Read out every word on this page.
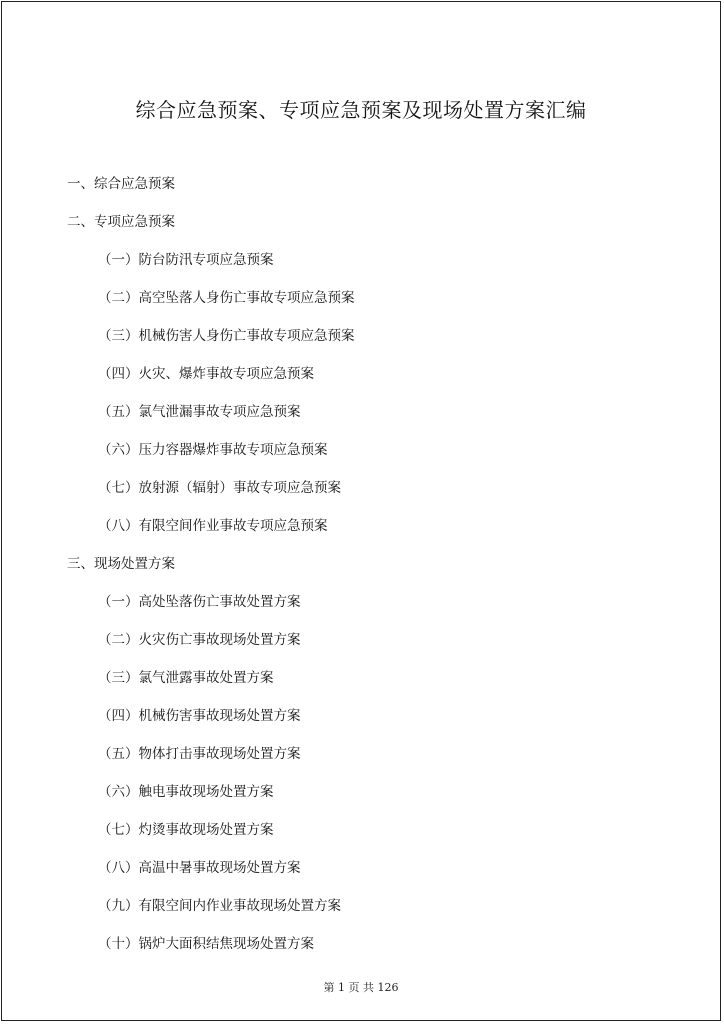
综合应急预案、专项应急预案及现场处置方案汇编
一、综合应急预案
二、专项应急预案
（一）防台防汛专项应急预案
（二）高空坠落人身伤亡事故专项应急预案
（三）机械伤害人身伤亡事故专项应急预案
（四）火灾、爆炸事故专项应急预案
（五）氯气泄漏事故专项应急预案
（六）压力容器爆炸事故专项应急预案
（七）放射源（辐射）事故专项应急预案
（八）有限空间作业事故专项应急预案
三、现场处置方案
（一）高处坠落伤亡事故处置方案
（二）火灾伤亡事故现场处置方案
（三）氯气泄露事故处置方案
（四）机械伤害事故现场处置方案
（五）物体打击事故现场处置方案
（六）触电事故现场处置方案
（七）灼烫事故现场处置方案
（八）高温中暑事故现场处置方案
（九）有限空间内作业事故现场处置方案
（十）锅炉大面积结焦现场处置方案
第 1 页 共 126
